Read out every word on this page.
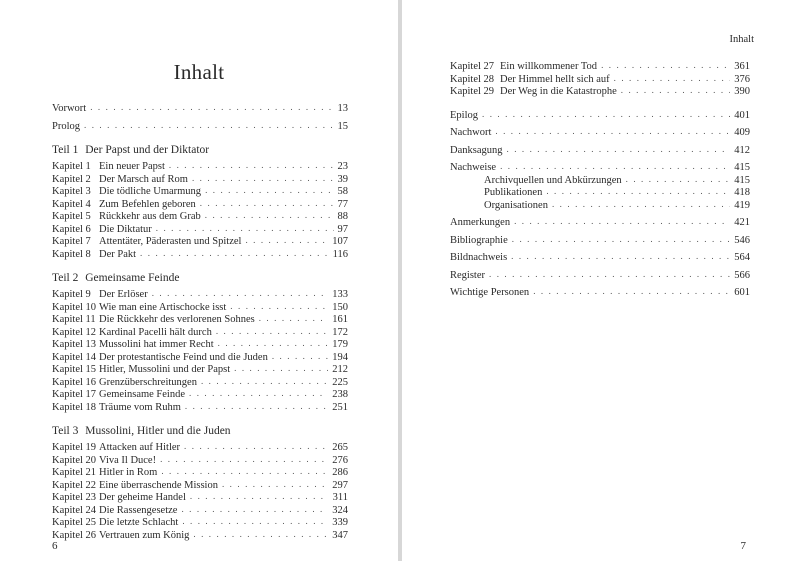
Inhalt
Vorwort . . .	13
Prolog . . .	15
Teil 1 Der Papst und der Diktator
Kapitel 1 Ein neuer Papst . . .	23
Kapitel 2 Der Marsch auf Rom . . .	39
Kapitel 3 Die tödliche Umarmung . . .	58
Kapitel 4 Zum Befehlen geboren . . .	77
Kapitel 5 Rückkehr aus dem Grab . . .	88
Kapitel 6 Die Diktatur . . .	97
Kapitel 7 Attentäter, Päderasten und Spitzel . . .	107
Kapitel 8 Der Pakt . . .	116
Teil 2 Gemeinsame Feinde
Kapitel 9 Der Erlöser . . .	133
Kapitel 10 Wie man eine Artischocke isst . . .	150
Kapitel 11 Die Rückkehr des verlorenen Sohnes . . .	161
Kapitel 12 Kardinal Pacelli hält durch . . .	172
Kapitel 13 Mussolini hat immer Recht . . .	179
Kapitel 14 Der protestantische Feind und die Juden . . .	194
Kapitel 15 Hitler, Mussolini und der Papst . . .	212
Kapitel 16 Grenzüberschreitungen . . .	225
Kapitel 17 Gemeinsame Feinde . . .	238
Kapitel 18 Träume vom Ruhm . . .	251
Teil 3 Mussolini, Hitler und die Juden
Kapitel 19 Attacken auf Hitler . . .	265
Kapitel 20 Viva Il Duce! . . .	276
Kapitel 21 Hitler in Rom . . .	286
Kapitel 22 Eine überraschende Mission . . .	297
Kapitel 23 Der geheime Handel . . .	311
Kapitel 24 Die Rassengesetze . . .	324
Kapitel 25 Die letzte Schlacht . . .	339
Kapitel 26 Vertrauen zum König . . .	347
6
Inhalt
Kapitel 27 Ein willkommener Tod . . .	361
Kapitel 28 Der Himmel hellt sich auf . . .	376
Kapitel 29 Der Weg in die Katastrophe . . .	390
Epilog . . .	401
Nachwort . . .	409
Danksagung . . .	412
Nachweise . . .	415
Archivquellen und Abkürzungen . . .	415
Publikationen . . .	418
Organisationen . . .	419
Anmerkungen . . .	421
Bibliographie . . .	546
Bildnachweis . . .	564
Register . . .	566
Wichtige Personen . . .	601
7
